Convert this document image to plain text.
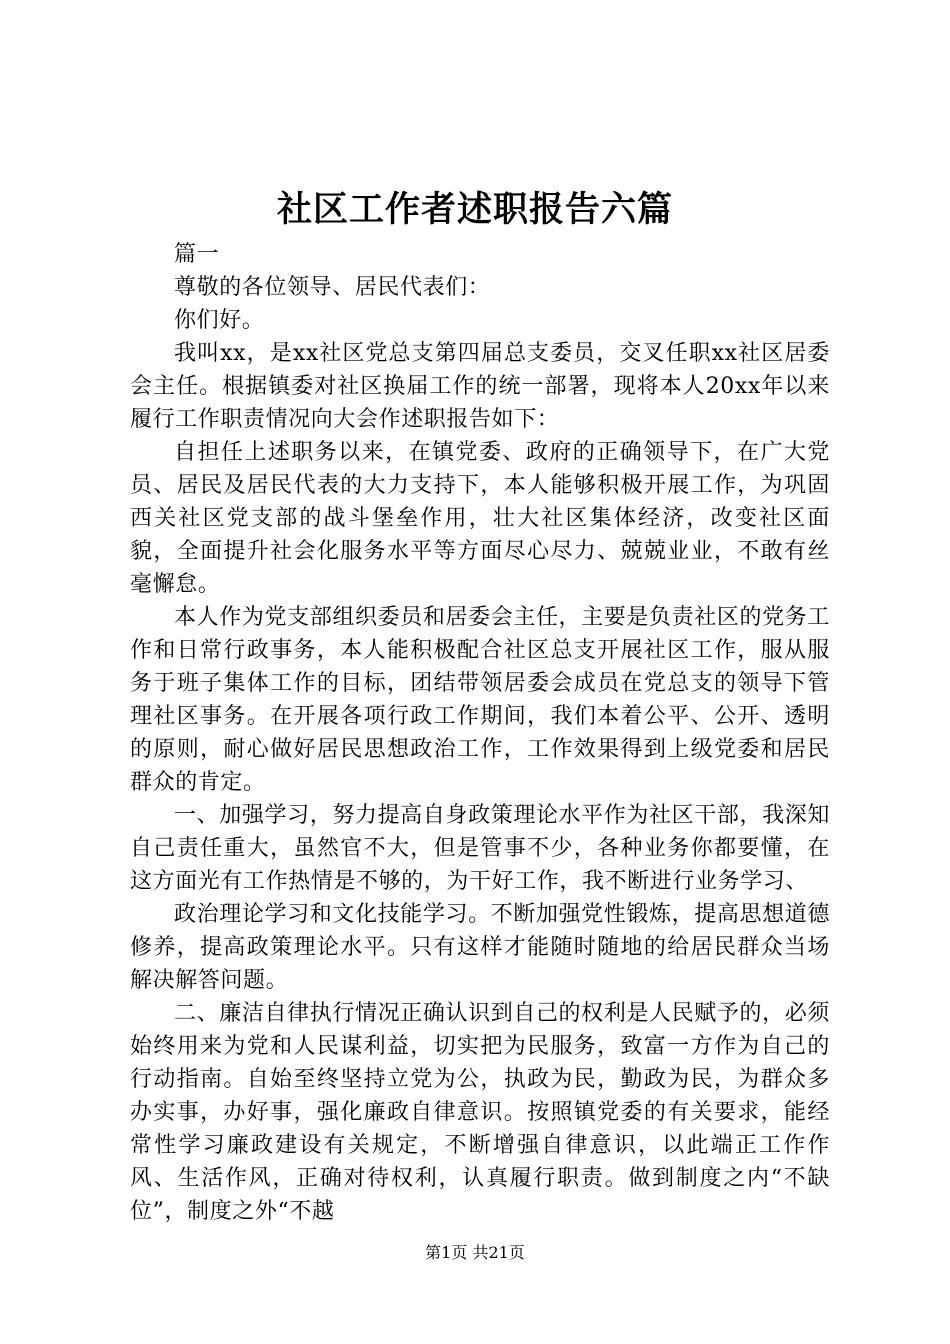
社区工作者述职报告六篇

篇一

尊敬的各位领导、居民代表们：

你们好。

我叫xx，是xx社区党总支第四届总支委员，交叉任职xx社区居委会主任。根据镇委对社区换届工作的统一部署，现将本人20xx年以来履行工作职责情况向大会作述职报告如下：

自担任上述职务以来，在镇党委、政府的正确领导下，在广大党员、居民及居民代表的大力支持下，本人能够积极开展工作，为巩固西关社区党支部的战斗堡垒作用，壮大社区集体经济，改变社区面貌，全面提升社会化服务水平等方面尽心尽力、兢兢业业，不敢有丝毫懈怠。

本人作为党支部组织委员和居委会主任，主要是负责社区的党务工作和日常行政事务，本人能积极配合社区总支开展社区工作，服从服务于班子集体工作的目标，团结带领居委会成员在党总支的领导下管理社区事务。在开展各项行政工作期间，我们本着公平、公开、透明的原则，耐心做好居民思想政治工作，工作效果得到上级党委和居民群众的肯定。

一、加强学习，努力提高自身政策理论水平作为社区干部，我深知自己责任重大，虽然官不大，但是管事不少，各种业务你都要懂，在这方面光有工作热情是不够的，为干好工作，我不断进行业务学习、

政治理论学习和文化技能学习。不断加强党性锻炼，提高思想道德修养，提高政策理论水平。只有这样才能随时随地的给居民群众当场解决解答问题。

二、廉洁自律执行情况正确认识到自己的权利是人民赋予的，必须始终用来为党和人民谋利益，切实把为民服务，致富一方作为自己的行动指南。自始至终坚持立党为公，执政为民，勤政为民，为群众多办实事，办好事，强化廉政自律意识。按照镇党委的有关要求，能经常性学习廉政建设有关规定，不断增强自律意识，以此端正工作作风、生活作风，正确对待权利，认真履行职责。做到制度之内“不缺位”，制度之外“不越

第1页 共21页
